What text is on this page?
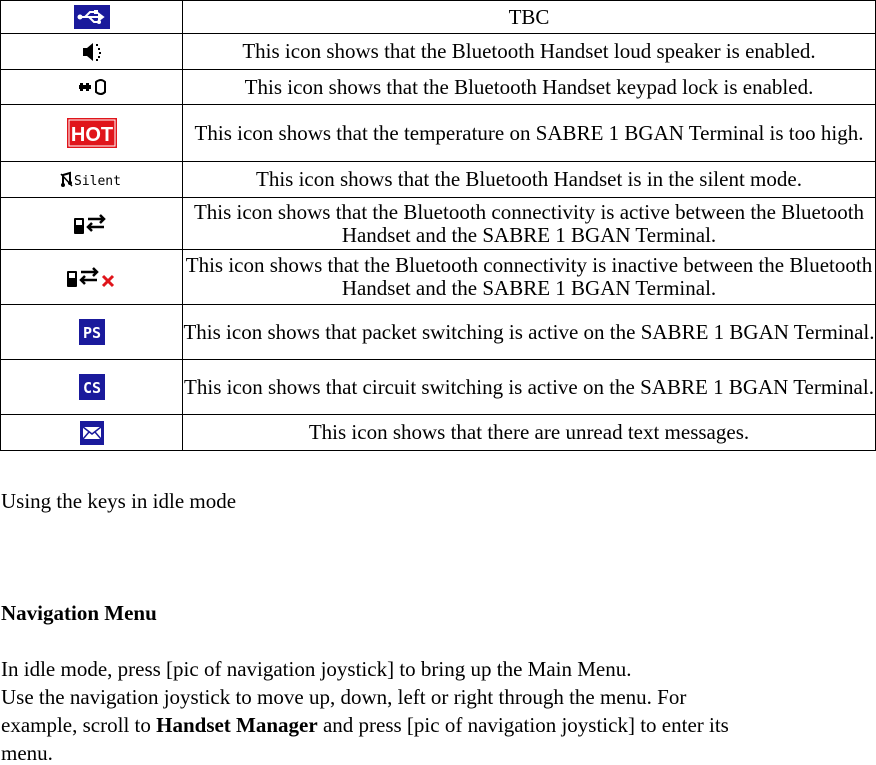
	TBC
	This icon shows that the Bluetooth Handset loud speaker is enabled.
	This icon shows that the Bluetooth Handset keypad lock is enabled.

HOT	This icon shows that the temperature on SABRE 1 BGAN Terminal is too high.

Silent	This icon shows that the Bluetooth Handset is in the silent mode.
	This icon shows that the Bluetooth connectivity is active between the Bluetooth Handset and the SABRE 1 BGAN Terminal.
	This icon shows that the Bluetooth connectivity is inactive between the Bluetooth Handset and the SABRE 1 BGAN Terminal.

PS	This icon shows that packet switching is active on the SABRE 1 BGAN Terminal.

CS	This icon shows that circuit switching is active on the SABRE 1 BGAN Terminal.
	This icon shows that there are unread text messages.

Using the keys in idle mode

Navigation Menu

In idle mode, press [pic of navigation joystick] to bring up the Main Menu.

Use the navigation joystick to move up, down, left or right through the menu. For

example, scroll to Handset Manager and press [pic of navigation joystick] to enter its

menu.
